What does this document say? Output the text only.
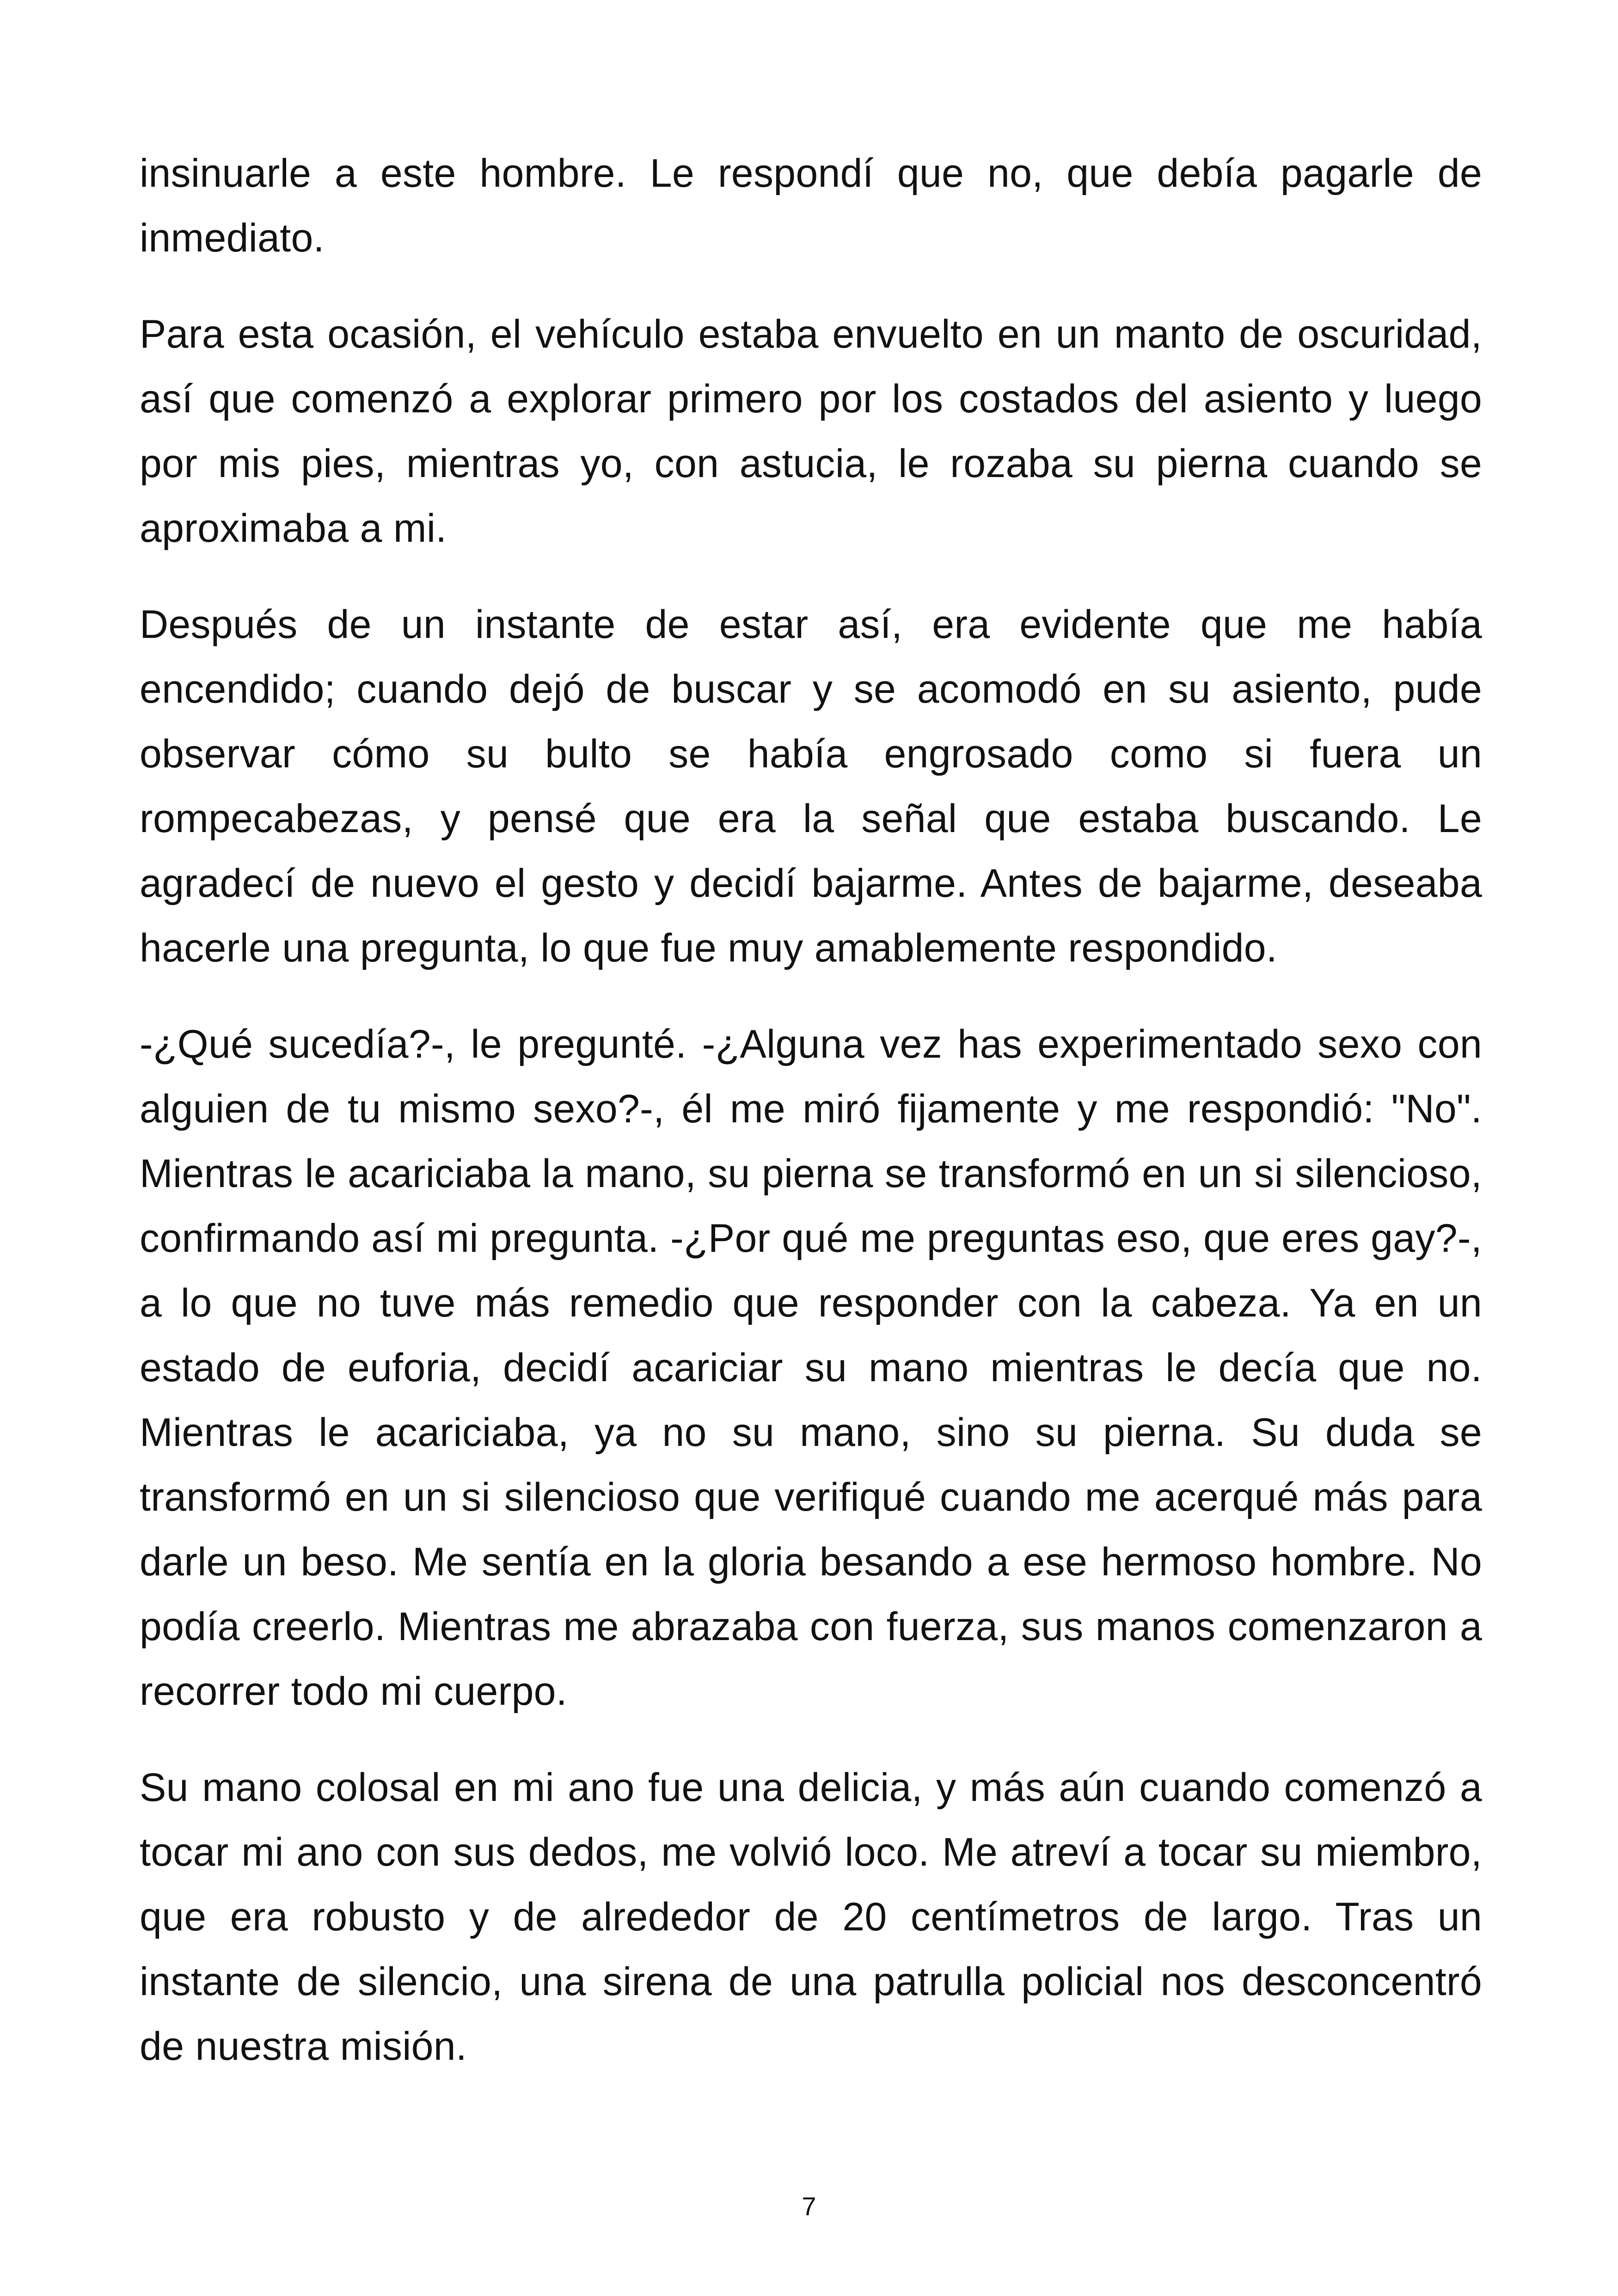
insinuarle a este hombre. Le respondí que no, que debía pagarle de inmediato.

Para esta ocasión, el vehículo estaba envuelto en un manto de oscuridad, así que comenzó a explorar primero por los costados del asiento y luego por mis pies, mientras yo, con astucia, le rozaba su pierna cuando se aproximaba a mi.

Después de un instante de estar así, era evidente que me había encendido; cuando dejó de buscar y se acomodó en su asiento, pude observar cómo su bulto se había engrosado como si fuera un rompecabezas, y pensé que era la señal que estaba buscando. Le agradecí de nuevo el gesto y decidí bajarme. Antes de bajarme, deseaba hacerle una pregunta, lo que fue muy amablemente respondido.

-¿Qué sucedía?-, le pregunté. -¿Alguna vez has experimentado sexo con alguien de tu mismo sexo?-, él me miró fijamente y me respondió: "No". Mientras le acariciaba la mano, su pierna se transformó en un si silencioso, confirmando así mi pregunta. -¿Por qué me preguntas eso, que eres gay?-, a lo que no tuve más remedio que responder con la cabeza. Ya en un estado de euforia, decidí acariciar su mano mientras le decía que no. Mientras le acariciaba, ya no su mano, sino su pierna. Su duda se transformó en un si silencioso que verifiqué cuando me acerqué más para darle un beso. Me sentía en la gloria besando a ese hermoso hombre. No podía creerlo. Mientras me abrazaba con fuerza, sus manos comenzaron a recorrer todo mi cuerpo.

Su mano colosal en mi ano fue una delicia, y más aún cuando comenzó a tocar mi ano con sus dedos, me volvió loco. Me atreví a tocar su miembro, que era robusto y de alrededor de 20 centímetros de largo. Tras un instante de silencio, una sirena de una patrulla policial nos desconcentró de nuestra misión.

7
